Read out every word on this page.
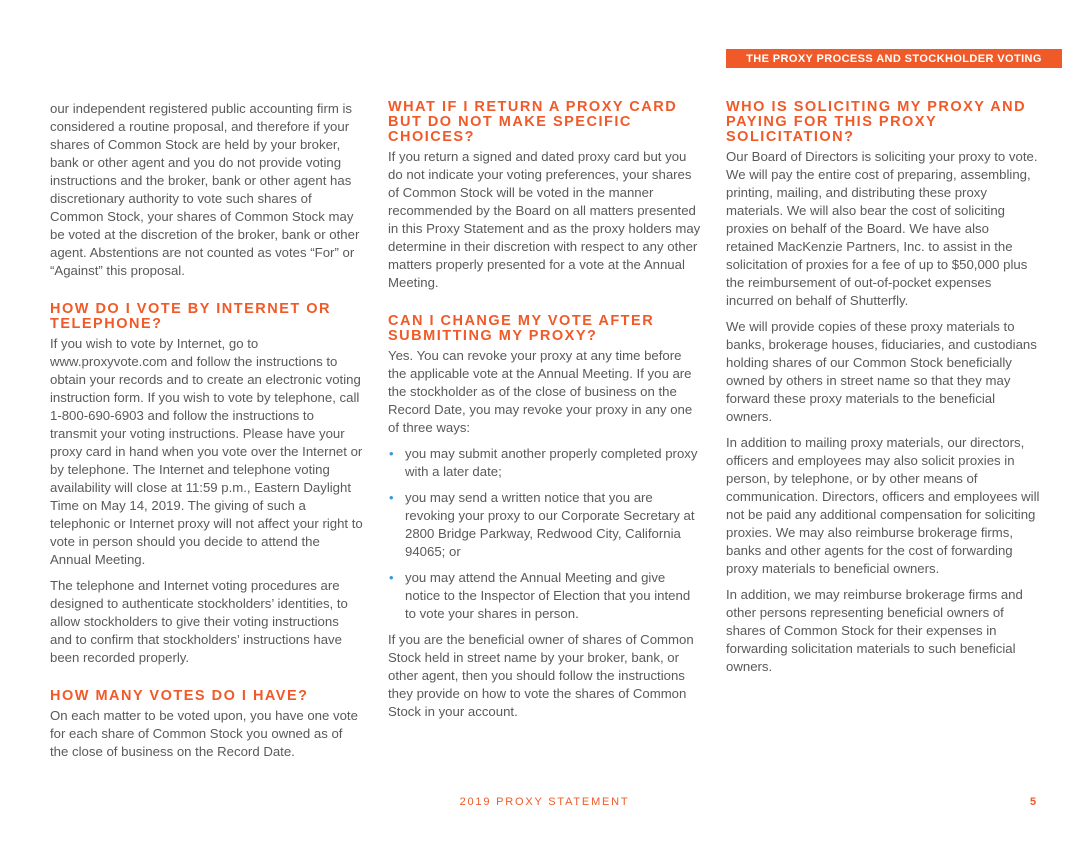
THE PROXY PROCESS AND STOCKHOLDER VOTING

our independent registered public accounting firm is considered a routine proposal, and therefore if your shares of Common Stock are held by your broker, bank or other agent and you do not provide voting instructions and the broker, bank or other agent has discretionary authority to vote such shares of Common Stock, your shares of Common Stock may be voted at the discretion of the broker, bank or other agent. Abstentions are not counted as votes “For” or “Against” this proposal.

HOW DO I VOTE BY INTERNET OR TELEPHONE?

If you wish to vote by Internet, go to www.proxyvote.com and follow the instructions to obtain your records and to create an electronic voting instruction form. If you wish to vote by telephone, call 1-800-690-6903 and follow the instructions to transmit your voting instructions. Please have your proxy card in hand when you vote over the Internet or by telephone. The Internet and telephone voting availability will close at 11:59 p.m., Eastern Daylight Time on May 14, 2019. The giving of such a telephonic or Internet proxy will not affect your right to vote in person should you decide to attend the Annual Meeting.

The telephone and Internet voting procedures are designed to authenticate stockholders’ identities, to allow stockholders to give their voting instructions and to confirm that stockholders’ instructions have been recorded properly.

HOW MANY VOTES DO I HAVE?

On each matter to be voted upon, you have one vote for each share of Common Stock you owned as of the close of business on the Record Date.

WHAT IF I RETURN A PROXY CARD BUT DO NOT MAKE SPECIFIC CHOICES?

If you return a signed and dated proxy card but you do not indicate your voting preferences, your shares of Common Stock will be voted in the manner recommended by the Board on all matters presented in this Proxy Statement and as the proxy holders may determine in their discretion with respect to any other matters properly presented for a vote at the Annual Meeting.

CAN I CHANGE MY VOTE AFTER SUBMITTING MY PROXY?

Yes. You can revoke your proxy at any time before the applicable vote at the Annual Meeting. If you are the stockholder as of the close of business on the Record Date, you may revoke your proxy in any one of three ways:

• you may submit another properly completed proxy with a later date;
• you may send a written notice that you are revoking your proxy to our Corporate Secretary at 2800 Bridge Parkway, Redwood City, California 94065; or
• you may attend the Annual Meeting and give notice to the Inspector of Election that you intend to vote your shares in person.

If you are the beneficial owner of shares of Common Stock held in street name by your broker, bank, or other agent, then you should follow the instructions they provide on how to vote the shares of Common Stock in your account.

WHO IS SOLICITING MY PROXY AND PAYING FOR THIS PROXY SOLICITATION?

Our Board of Directors is soliciting your proxy to vote. We will pay the entire cost of preparing, assembling, printing, mailing, and distributing these proxy materials. We will also bear the cost of soliciting proxies on behalf of the Board. We have also retained MacKenzie Partners, Inc. to assist in the solicitation of proxies for a fee of up to $50,000 plus the reimbursement of out-of-pocket expenses incurred on behalf of Shutterfly.

We will provide copies of these proxy materials to banks, brokerage houses, fiduciaries, and custodians holding shares of our Common Stock beneficially owned by others in street name so that they may forward these proxy materials to the beneficial owners.

In addition to mailing proxy materials, our directors, officers and employees may also solicit proxies in person, by telephone, or by other means of communication. Directors, officers and employees will not be paid any additional compensation for soliciting proxies. We may also reimburse brokerage firms, banks and other agents for the cost of forwarding proxy materials to beneficial owners.

In addition, we may reimburse brokerage firms and other persons representing beneficial owners of shares of Common Stock for their expenses in forwarding solicitation materials to such beneficial owners.

2019 PROXY STATEMENT	5
